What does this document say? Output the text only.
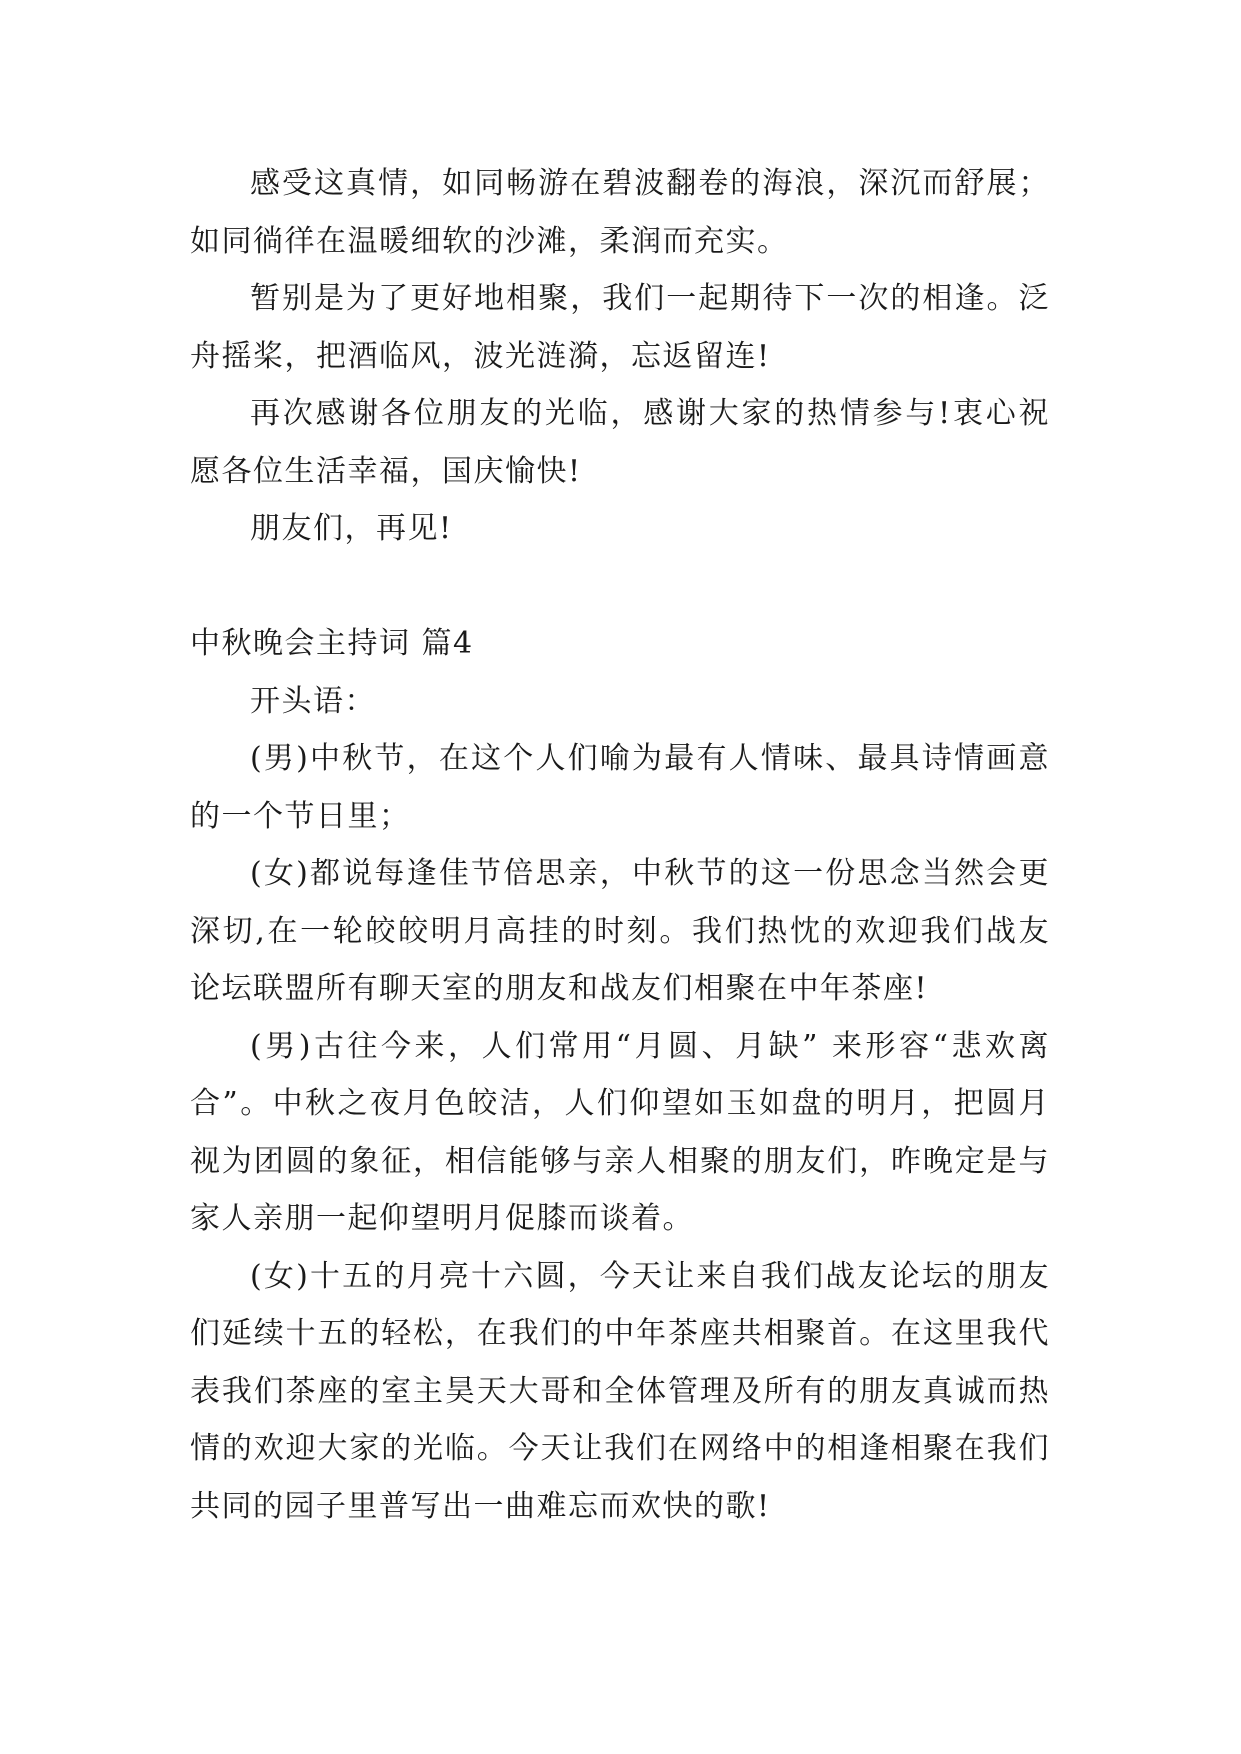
感受这真情，如同畅游在碧波翻卷的海浪，深沉而舒展；如同徜徉在温暖细软的沙滩，柔润而充实。

暂别是为了更好地相聚，我们一起期待下一次的相逢。泛舟摇桨，把酒临风，波光涟漪，忘返留连!

再次感谢各位朋友的光临，感谢大家的热情参与!衷心祝愿各位生活幸福，国庆愉快!

朋友们，再见!

中秋晚会主持词 篇4

开头语：

(男)中秋节，在这个人们喻为最有人情味、最具诗情画意的一个节日里；

(女)都说每逢佳节倍思亲，中秋节的这一份思念当然会更深切,在一轮皎皎明月高挂的时刻。我们热忱的欢迎我们战友论坛联盟所有聊天室的朋友和战友们相聚在中年茶座!

(男)古往今来，人们常用“月圆、月缺” 来形容“悲欢离合”。中秋之夜月色皎洁，人们仰望如玉如盘的明月，把圆月视为团圆的象征，相信能够与亲人相聚的朋友们，昨晚定是与家人亲朋一起仰望明月促膝而谈着。

(女)十五的月亮十六圆，今天让来自我们战友论坛的朋友们延续十五的轻松，在我们的中年茶座共相聚首。在这里我代表我们茶座的室主昊天大哥和全体管理及所有的朋友真诚而热情的欢迎大家的光临。今天让我们在网络中的相逢相聚在我们共同的园子里普写出一曲难忘而欢快的歌!
